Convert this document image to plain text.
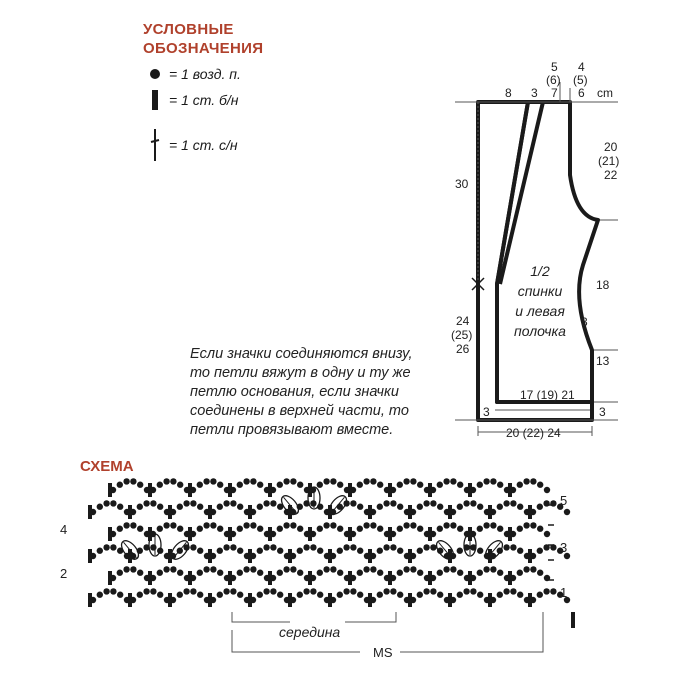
УСЛОВНЫЕ
ОБОЗНАЧЕНИЯ
= 1 возд. п.
= 1 ст. б/н
= 1 ст. с/н
8 3
5
(6)
7
4
(5)
6 cm
20
(21)
22
18
3
13
3
30
24
(25)
26
3
17 (19) 21
20 (22) 24
1/2
спинки
и левая
полочка
4
2
5
3
1
середина
MS
Если значки соединяются внизу,
то петли вяжут в одну и ту же
петлю основания, если значки
соединены в верхней части, то
петли провязывают вместе.
СХЕМА
